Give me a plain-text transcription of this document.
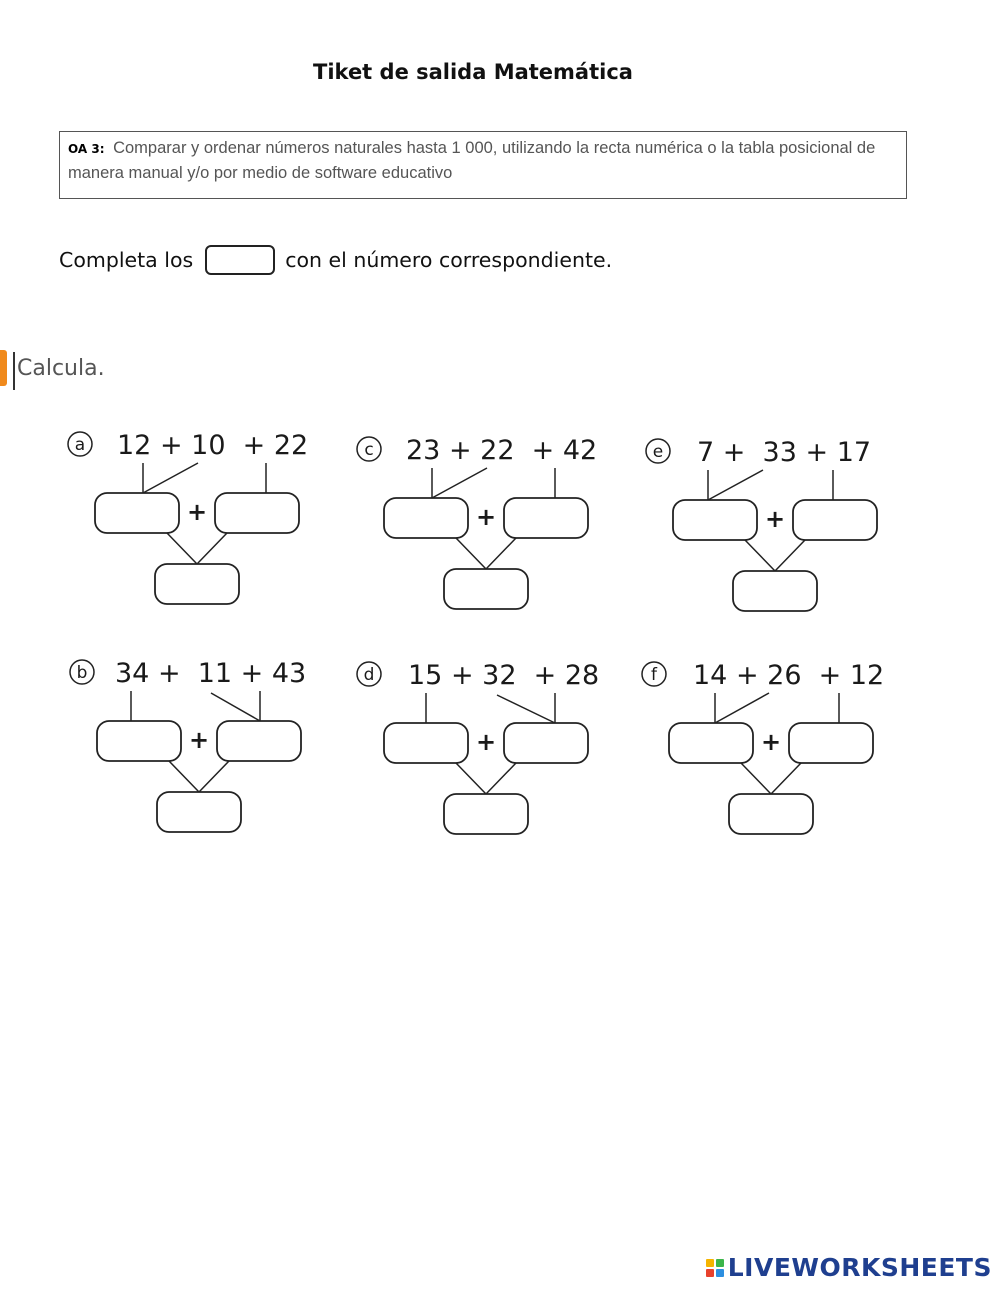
Tiket de salida Matemática
OA 3: Comparar y ordenar números naturales hasta 1 000, utilizando la recta numérica o la tabla posicional de manera manual y/o por medio de software educativo
Completa los	con el número correspondiente.
Calcula.
a 12 + 10  + 22
+
c 23 + 22  + 42
+
e 7 +  33 + 17
+
b 34 +  11 + 43
+
d 15 + 32  + 28
+
f 14 + 26  + 12
+
LIVEWORKSHEETS
